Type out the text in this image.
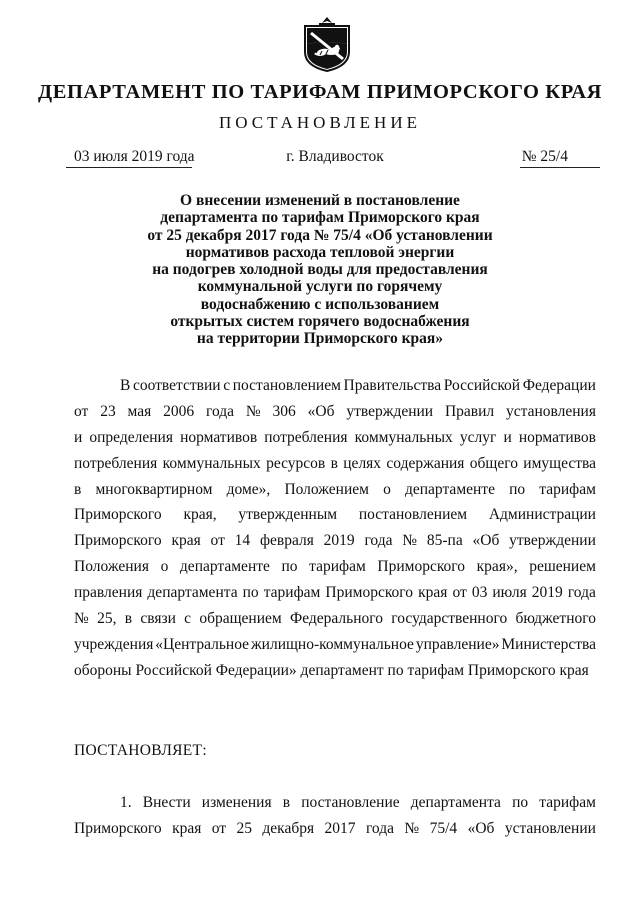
ДЕПАРТАМЕНТ ПО ТАРИФАМ ПРИМОРСКОГО КРАЯ
ПОСТАНОВЛЕНИЕ
03 июля 2019 года	г. Владивосток	№ 25/4
О внесении изменений в постановление
департамента по тарифам Приморского края
от 25 декабря 2017 года № 75/4 «Об установлении
нормативов расхода тепловой энергии
на подогрев холодной воды для предоставления
коммунальной услуги по горячему
водоснабжению с использованием
открытых систем горячего водоснабжения
на территории Приморского края»
В соответствии с постановлением Правительства Российской Федерации
от 23 мая 2006 года № 306 «Об утверждении Правил установления
и определения нормативов потребления коммунальных услуг и нормативов
потребления коммунальных ресурсов в целях содержания общего имущества
в многоквартирном доме», Положением о департаменте по тарифам
Приморского края, утвержденным постановлением Администрации
Приморского края от 14 февраля 2019 года № 85-па «Об утверждении
Положения о департаменте по тарифам Приморского края», решением
правления департамента по тарифам Приморского края от 03 июля 2019 года
№ 25, в связи с обращением Федерального государственного бюджетного
учреждения «Центральное жилищно-коммунальное управление» Министерства
обороны Российской Федерации» департамент по тарифам Приморского края
ПОСТАНОВЛЯЕТ:
1. Внести изменения в постановление департамента по тарифам
Приморского края от 25 декабря 2017 года № 75/4 «Об установлении
